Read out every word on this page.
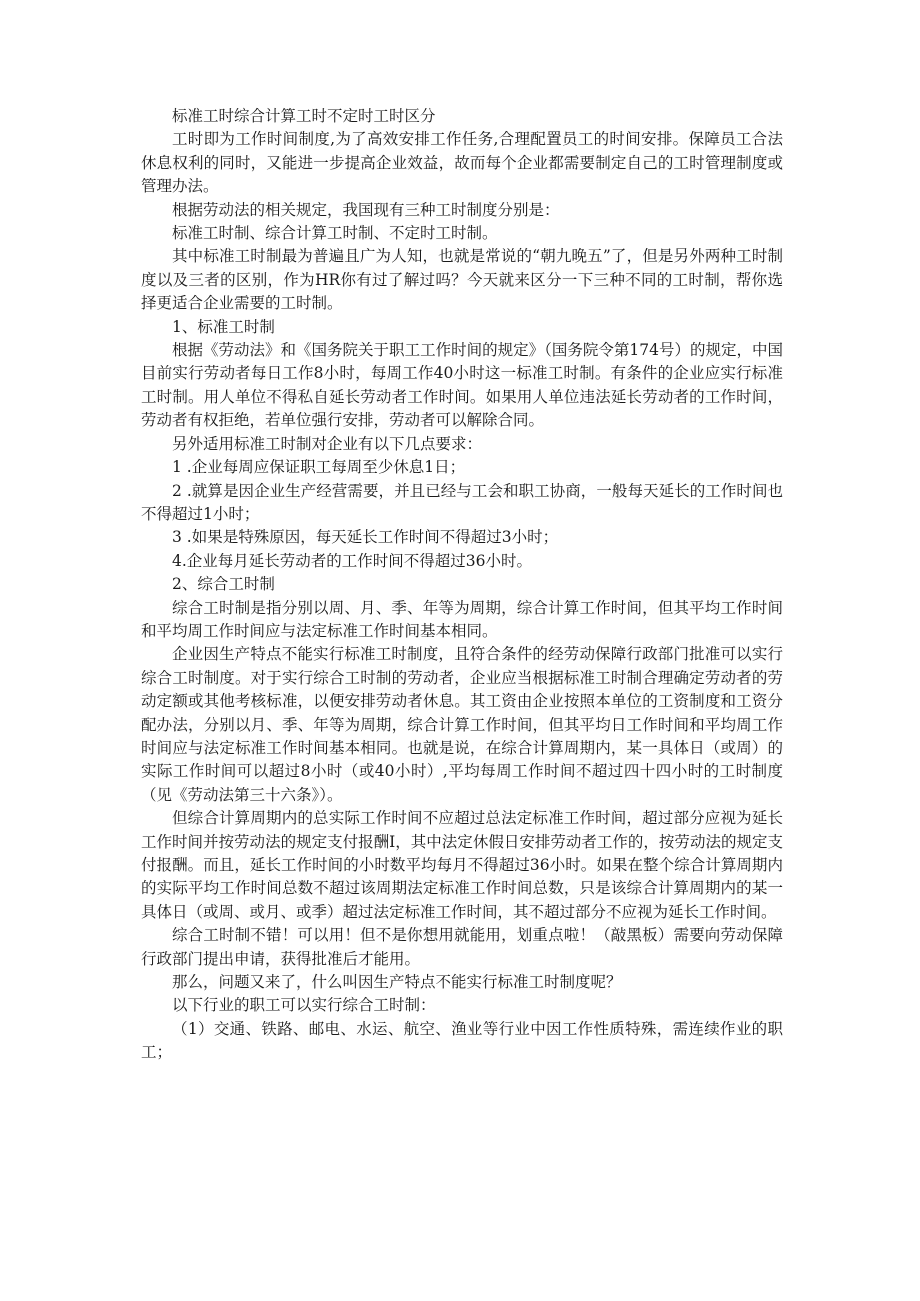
标准工时综合计算工时不定时工时区分

工时即为工作时间制度,为了高效安排工作任务,合理配置员工的时间安排。保障员工合法休息权利的同时，又能进一步提高企业效益，故而每个企业都需要制定自己的工时管理制度或管理办法。

根据劳动法的相关规定，我国现有三种工时制度分别是：

标准工时制、综合计算工时制、不定时工时制。

其中标准工时制最为普遍且广为人知，也就是常说的“朝九晚五”了，但是另外两种工时制度以及三者的区别，作为HR你有过了解过吗？今天就来区分一下三种不同的工时制，帮你选择更适合企业需要的工时制。

1、标准工时制

根据《劳动法》和《国务院关于职工工作时间的规定》（国务院令第174号）的规定，中国目前实行劳动者每日工作8小时，每周工作40小时这一标准工时制。有条件的企业应实行标准工时制。用人单位不得私自延长劳动者工作时间。如果用人单位违法延长劳动者的工作时间，劳动者有权拒绝，若单位强行安排，劳动者可以解除合同。

另外适用标准工时制对企业有以下几点要求：

1 .企业每周应保证职工每周至少休息1日；

2 .就算是因企业生产经营需要，并且已经与工会和职工协商，一般每天延长的工作时间也不得超过1小时；

3 .如果是特殊原因，每天延长工作时间不得超过3小时；

4.企业每月延长劳动者的工作时间不得超过36小时。

2、综合工时制

综合工时制是指分别以周、月、季、年等为周期，综合计算工作时间，但其平均工作时间和平均周工作时间应与法定标准工作时间基本相同。

企业因生产特点不能实行标准工时制度，且符合条件的经劳动保障行政部门批准可以实行综合工时制度。对于实行综合工时制的劳动者，企业应当根据标准工时制合理确定劳动者的劳动定额或其他考核标准，以便安排劳动者休息。其工资由企业按照本单位的工资制度和工资分配办法，分别以月、季、年等为周期，综合计算工作时间，但其平均日工作时间和平均周工作时间应与法定标准工作时间基本相同。也就是说，在综合计算周期内，某一具体日（或周）的实际工作时间可以超过8小时（或40小时）,平均每周工作时间不超过四十四小时的工时制度（见《劳动法第三十六条》）。

但综合计算周期内的总实际工作时间不应超过总法定标准工作时间，超过部分应视为延长工作时间并按劳动法的规定支付报酬I，其中法定休假日安排劳动者工作的，按劳动法的规定支付报酬。而且，延长工作时间的小时数平均每月不得超过36小时。如果在整个综合计算周期内的实际平均工作时间总数不超过该周期法定标准工作时间总数，只是该综合计算周期内的某一具体日（或周、或月、或季）超过法定标准工作时间，其不超过部分不应视为延长工作时间。

综合工时制不错！可以用！但不是你想用就能用，划重点啦！（敲黑板）需要向劳动保障行政部门提出申请，获得批准后才能用。

那么，问题又来了，什么叫因生产特点不能实行标准工时制度呢？

以下行业的职工可以实行综合工时制：

（1）交通、铁路、邮电、水运、航空、渔业等行业中因工作性质特殊，需连续作业的职工；
